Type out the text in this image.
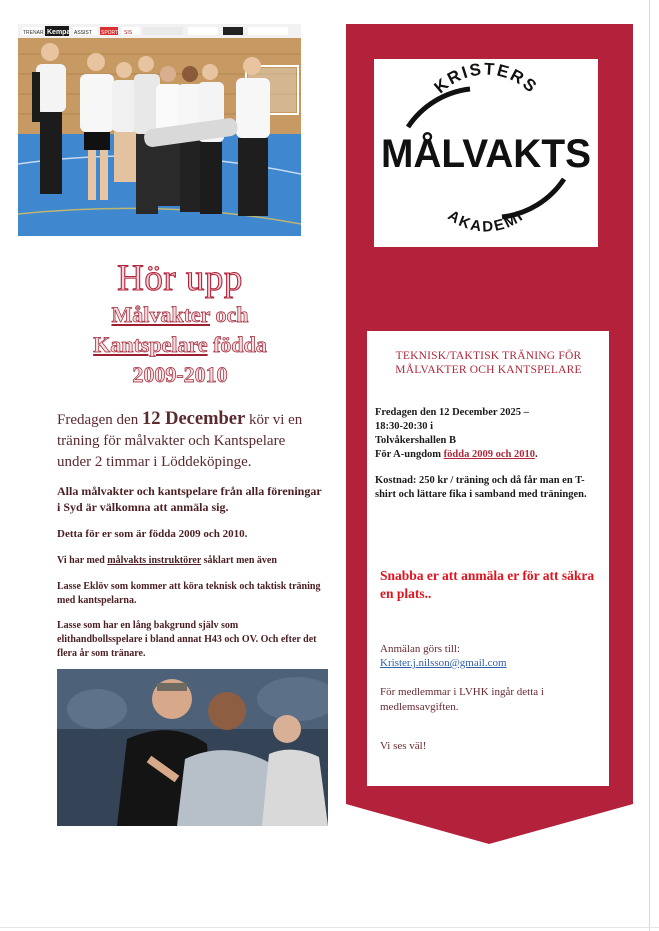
TRENAR Kempa ASSIST SPORT SIS
Hör upp
Målvakter och
Kantspelare födda
2009-2010
Fredagen den 12 December kör vi en träning för målvakter och Kantspelare under 2 timmar i Löddeköpinge.
Alla målvakter och kantspelare från alla föreningar i Syd är välkomna att anmäla sig.
Detta för er som är födda 2009 och 2010.
Vi har med målvakts instruktörer såklart men även
Lasse Eklöv som kommer att köra teknisk och taktisk träning med kantspelarna.
Lasse som har en lång bakgrund själv som elithandbollsspelare i bland annat H43 och OV. Och efter det flera år som tränare.
KRISTERS
MÅLVAKTS
AKADEMI
TEKNISK/TAKTISK TRÄNING FÖR MÅLVAKTER OCH KANTSPELARE
Fredagen den 12 December 2025 –
18:30-20:30 i
Tolvåkershallen B
För A-ungdom födda 2009 och 2010.
Kostnad: 250 kr / träning och då får man en T-shirt och lättare fika i samband med träningen.
Snabba er att anmäla er för att säkra en plats..
Anmälan görs till:
Krister.j.nilsson@gmail.com
För medlemmar i LVHK ingår detta i medlemsavgiften.
Vi ses väl!
